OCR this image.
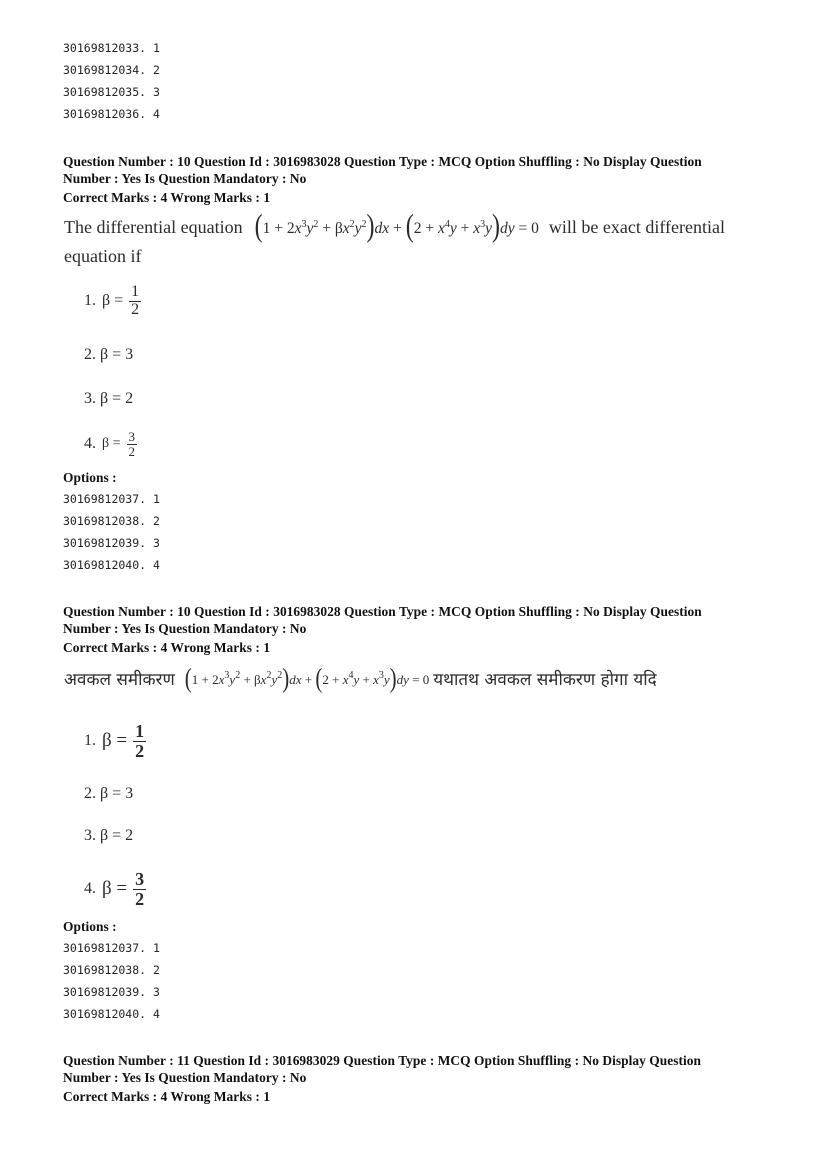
30169812033. 1
30169812034. 2
30169812035. 3
30169812036. 4
Question Number : 10 Question Id : 3016983028 Question Type : MCQ Option Shuffling : No Display Question
Number : Yes Is Question Mandatory : No
Correct Marks : 4 Wrong Marks : 1
The differential equation $(1 + 2x^3y^2 + \beta x^2y^2)dx + (2 + x^4y + x^3y)dy = 0$ will be exact differential
equation if
1. $\beta = \frac{1}{2}$
2. β = 3
3. β = 2
4. $\beta = \frac{3}{2}$
Options :
30169812037. 1
30169812038. 2
30169812039. 3
30169812040. 4
Question Number : 10 Question Id : 3016983028 Question Type : MCQ Option Shuffling : No Display Question
Number : Yes Is Question Mandatory : No
Correct Marks : 4 Wrong Marks : 1
अवकल समीकरण $(1 + 2x^3y^2 + \beta x^2y^2)dx + (2 + x^4y + x^3y)dy = 0$ यथातथ अवकल समीकरण होगा यदि
1. $\beta = \frac{1}{2}$
2. β = 3
3. β = 2
4. $\beta = \frac{3}{2}$
Options :
30169812037. 1
30169812038. 2
30169812039. 3
30169812040. 4
Question Number : 11 Question Id : 3016983029 Question Type : MCQ Option Shuffling : No Display Question
Number : Yes Is Question Mandatory : No
Correct Marks : 4 Wrong Marks : 1
